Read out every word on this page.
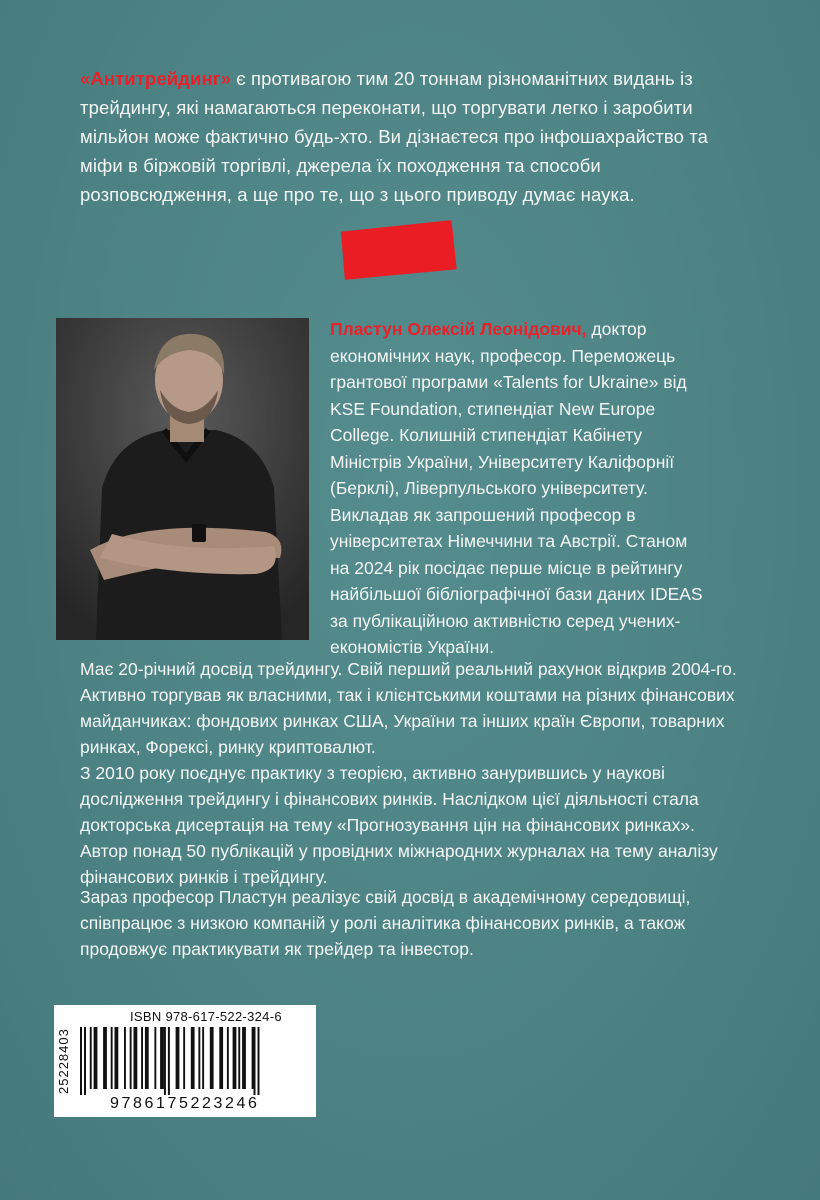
«Антитрейдинг» є противагою тим 20 тоннам різноманітних видань із трейдингу, які намагаються переконати, що торгувати легко і заробити мільйон може фактично будь-хто. Ви дізнаєтеся про інфошахрайство та міфи в біржовій торгівлі, джерела їх походження та способи розповсюдження, а ще про те, що з цього приводу думає наука.

Пластун Олексій Леонідович, доктор економічних наук, професор. Переможець грантової програми «Talents for Ukraine» від KSE Foundation, стипендіат New Europe College. Колишній стипендіат Кабінету Міністрів України, Університету Каліфорнії (Берклі), Ліверпульського університету. Викладав як запрошений професор в університетах Німеччини та Австрії. Станом на 2024 рік посідає перше місце в рейтингу найбільшої бібліографічної бази даних IDEAS за публікаційною активністю серед учених-економістів України.

Має 20-річний досвід трейдингу. Свій перший реальний рахунок відкрив 2004-го. Активно торгував як власними, так і клієнтськими коштами на різних фінансових майданчиках: фондових ринках США, України та інших країн Європи, товарних ринках, Форексі, ринку криптовалют.

З 2010 року поєднує практику з теорією, активно занурившись у наукові дослідження трейдингу і фінансових ринків. Наслідком цієї діяльності стала докторська дисертація на тему «Прогнозування цін на фінансових ринках». Автор понад 50 публікацій у провідних міжнародних журналах на тему аналізу фінансових ринків і трейдингу.

Зараз професор Пластун реалізує свій досвід в академічному середовищі, співпрацює з низкою компаній у ролі аналітика фінансових ринків, а також продовжує практикувати як трейдер та інвестор.

25228403
ISBN 978-617-522-324-6
9786175223246
